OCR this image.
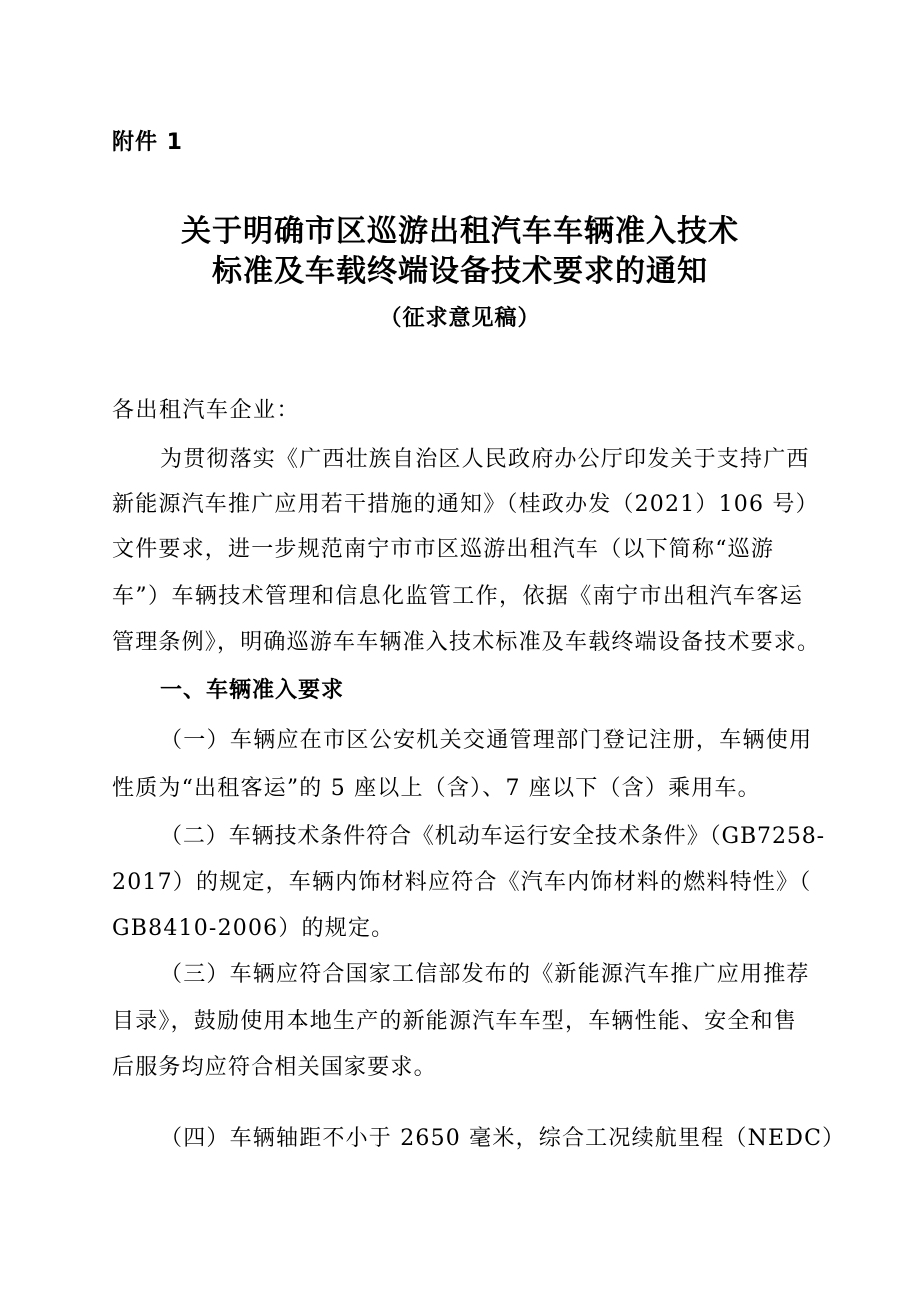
附件 1
关于明确市区巡游出租汽车车辆准入技术
标准及车载终端设备技术要求的通知
（征求意见稿）
各出租汽车企业：
为贯彻落实《广西壮族自治区人民政府办公厅印发关于支持广西
新能源汽车推广应用若干措施的通知》（桂政办发（2021）106 号）
文件要求，进一步规范南宁市市区巡游出租汽车（以下简称“巡游
车”）车辆技术管理和信息化监管工作，依据《南宁市出租汽车客运
管理条例》，明确巡游车车辆准入技术标准及车载终端设备技术要求。
一、车辆准入要求
（一）车辆应在市区公安机关交通管理部门登记注册，车辆使用
性质为“出租客运”的 5 座以上（含）、7 座以下（含）乘用车。
（二）车辆技术条件符合《机动车运行安全技术条件》（GB7258-
2017）的规定，车辆内饰材料应符合《汽车内饰材料的燃料特性》（
GB8410-2006）的规定。
（三）车辆应符合国家工信部发布的《新能源汽车推广应用推荐
目录》，鼓励使用本地生产的新能源汽车车型，车辆性能、安全和售
后服务均应符合相关国家要求。
（四）车辆轴距不小于 2650 毫米，综合工况续航里程（NEDC）
